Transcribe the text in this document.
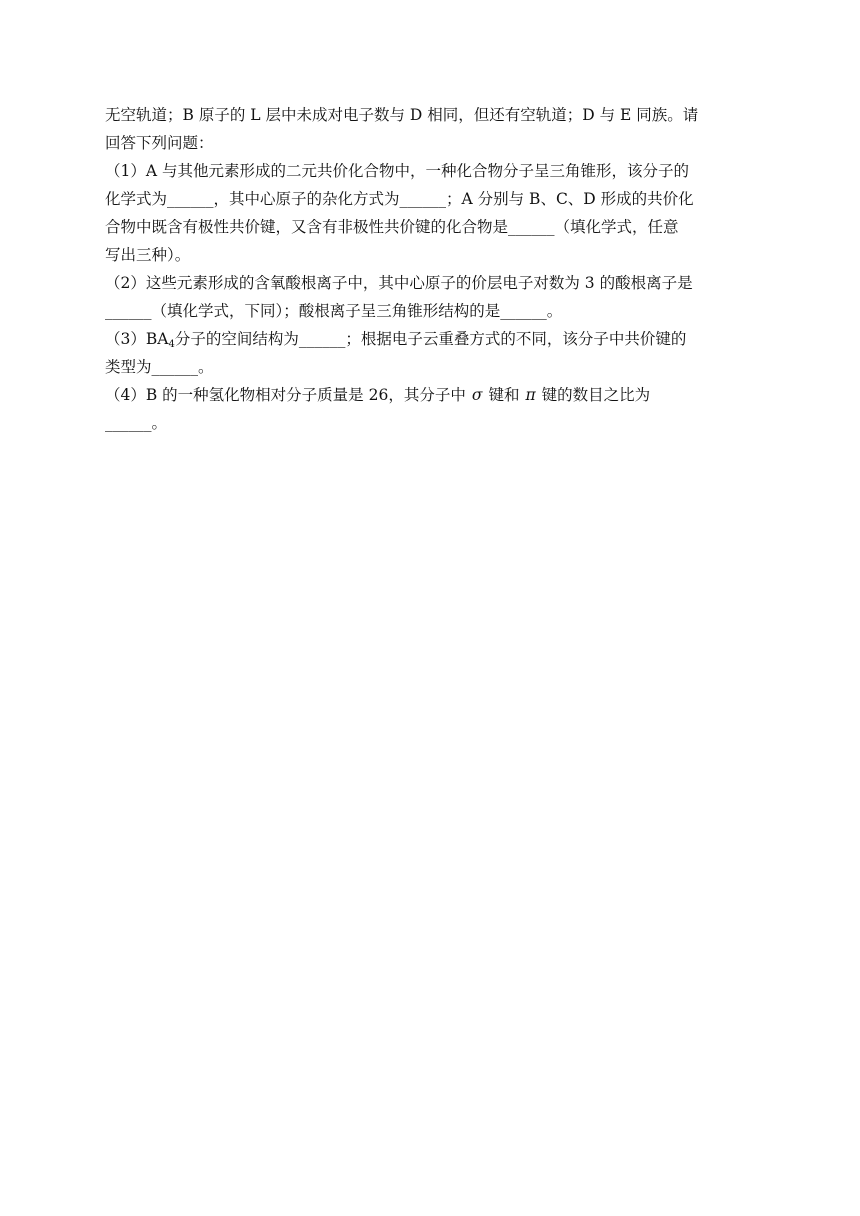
无空轨道；B 原子的 L 层中未成对电子数与 D 相同，但还有空轨道；D 与 E 同族。请
回答下列问题：
（1）A 与其他元素形成的二元共价化合物中，一种化合物分子呈三角锥形，该分子的
化学式为______，其中心原子的杂化方式为______；A 分别与 B、C、D 形成的共价化
合物中既含有极性共价键，又含有非极性共价键的化合物是______（填化学式，任意
写出三种）。
（2）这些元素形成的含氧酸根离子中，其中心原子的价层电子对数为 3 的酸根离子是
______（填化学式，下同）；酸根离子呈三角锥形结构的是______。
$(3)BA_4$分子的空间结构为______；根据电子云重叠方式的不同，该分子中共价键的
类型为______。
（4）B 的一种氢化物相对分子质量是 26，其分子中 σ 键和 π 键的数目之比为
______。
